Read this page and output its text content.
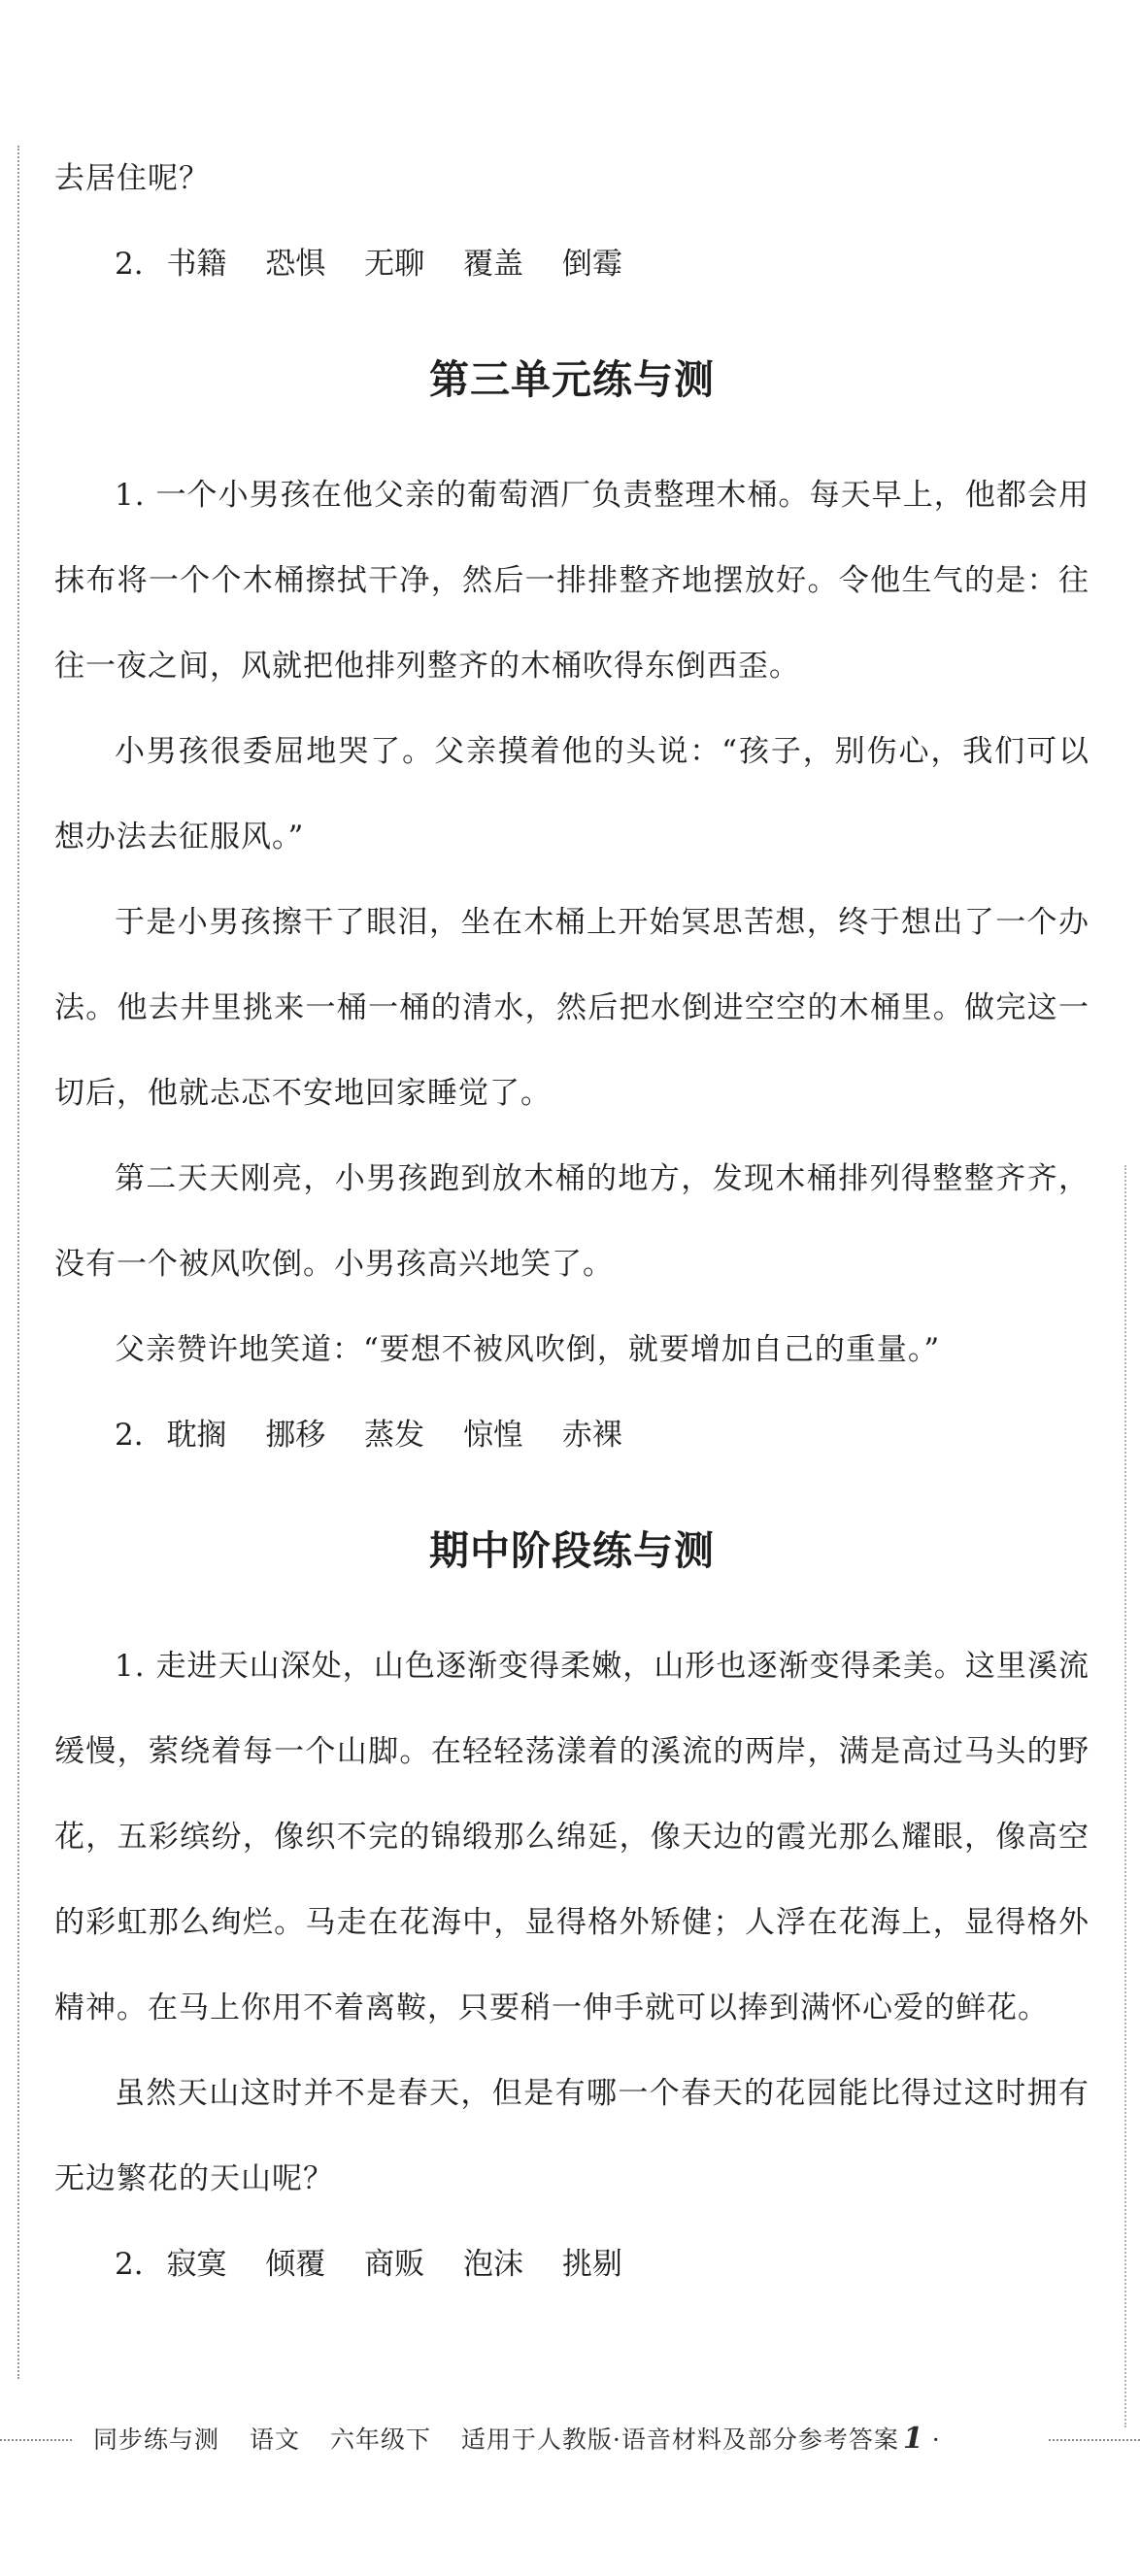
去居住呢？

2. 书籍 恐惧 无聊 覆盖 倒霉

第三单元练与测

1. 一个小男孩在他父亲的葡萄酒厂负责整理木桶。每天早上，他都会用抹布将一个个木桶擦拭干净，然后一排排整齐地摆放好。令他生气的是：往往一夜之间，风就把他排列整齐的木桶吹得东倒西歪。

小男孩很委屈地哭了。父亲摸着他的头说：“孩子，别伤心，我们可以想办法去征服风。”

于是小男孩擦干了眼泪，坐在木桶上开始冥思苦想，终于想出了一个办法。他去井里挑来一桶一桶的清水，然后把水倒进空空的木桶里。做完这一切后，他就忐忑不安地回家睡觉了。

第二天天刚亮，小男孩跑到放木桶的地方，发现木桶排列得整整齐齐，没有一个被风吹倒。小男孩高兴地笑了。

父亲赞许地笑道：“要想不被风吹倒，就要增加自己的重量。”

2. 耽搁 挪移 蒸发 惊惶 赤裸

期中阶段练与测

1. 走进天山深处，山色逐渐变得柔嫩，山形也逐渐变得柔美。这里溪流缓慢，萦绕着每一个山脚。在轻轻荡漾着的溪流的两岸，满是高过马头的野花，五彩缤纷，像织不完的锦缎那么绵延，像天边的霞光那么耀眼，像高空的彩虹那么绚烂。马走在花海中，显得格外矫健；人浮在花海上，显得格外精神。在马上你用不着离鞍，只要稍一伸手就可以捧到满怀心爱的鲜花。

虽然天山这时并不是春天，但是有哪一个春天的花园能比得过这时拥有无边繁花的天山呢？

2. 寂寞 倾覆 商贩 泡沫 挑剔

同步练与测 语文 六年级下 适用于人教版·语音材料及部分参考答案 1 ·
